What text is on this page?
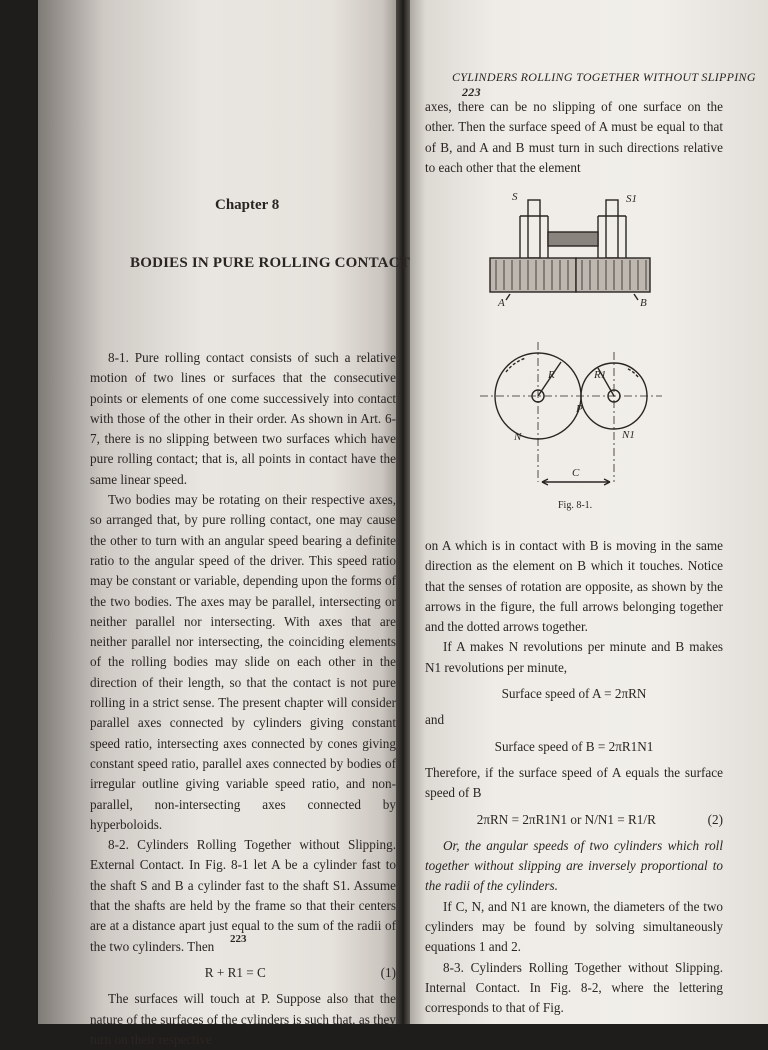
Chapter 8
BODIES IN PURE ROLLING CONTACT

8-1. Pure rolling contact consists of such a relative motion of two lines or surfaces that the consecutive points or elements of one come successively into contact with those of the other in their order. As shown in Art. 6-7, there is no slipping between two surfaces which have pure rolling contact; that is, all points in contact have the same linear speed.

Two bodies may be rotating on their respective axes, so arranged that, by pure rolling contact, one may cause the other to turn with an angular speed bearing a definite ratio to the angular speed of the driver. This speed ratio may be constant or variable, depending upon the forms of the two bodies. The axes may be parallel, intersecting or neither parallel nor intersecting. With axes that are neither parallel nor intersecting, the coinciding elements of the rolling bodies may slide on each other in the direction of their length, so that the contact is not pure rolling in a strict sense. The present chapter will consider parallel axes connected by cylinders giving constant speed ratio, intersecting axes connected by cones giving constant speed ratio, parallel axes connected by bodies of irregular outline giving variable speed ratio, and non-parallel, non-intersecting axes connected by hyperboloids.

8-2. Cylinders Rolling Together without Slipping. External Contact. In Fig. 8-1 let A be a cylinder fast to the shaft S and B a cylinder fast to the shaft S1. Assume that the shafts are held by the frame so that their centers are at a distance apart just equal to the sum of the radii of the two cylinders. Then

R + R1 = C	(1)

The surfaces will touch at P. Suppose also that the nature of the surfaces of the cylinders is such that, as they turn on their respective

223
CYLINDERS ROLLING TOGETHER WITHOUT SLIPPING 223

axes, there can be no slipping of one surface on the other. Then the surface speed of A must be equal to that of B, and A and B must turn in such directions relative to each other that the element

S	S1
A	B
R	R1
P
N	N1
C
Fig. 8-1.

on A which is in contact with B is moving in the same direction as the element on B which it touches. Notice that the senses of rotation are opposite, as shown by the arrows in the figure, the full arrows belonging together and the dotted arrows together.

If A makes N revolutions per minute and B makes N1 revolutions per minute,

Surface speed of A = 2πRN

and

Surface speed of B = 2πR1N1

Therefore, if the surface speed of A equals the surface speed of B

2πRN = 2πR1N1 or N/N1 = R1/R	(2)

Or, the angular speeds of two cylinders which roll together without slipping are inversely proportional to the radii of the cylinders.

If C, N, and N1 are known, the diameters of the two cylinders may be found by solving simultaneously equations 1 and 2.

8-3. Cylinders Rolling Together without Slipping. Internal Contact. In Fig. 8-2, where the lettering corresponds to that of Fig.
